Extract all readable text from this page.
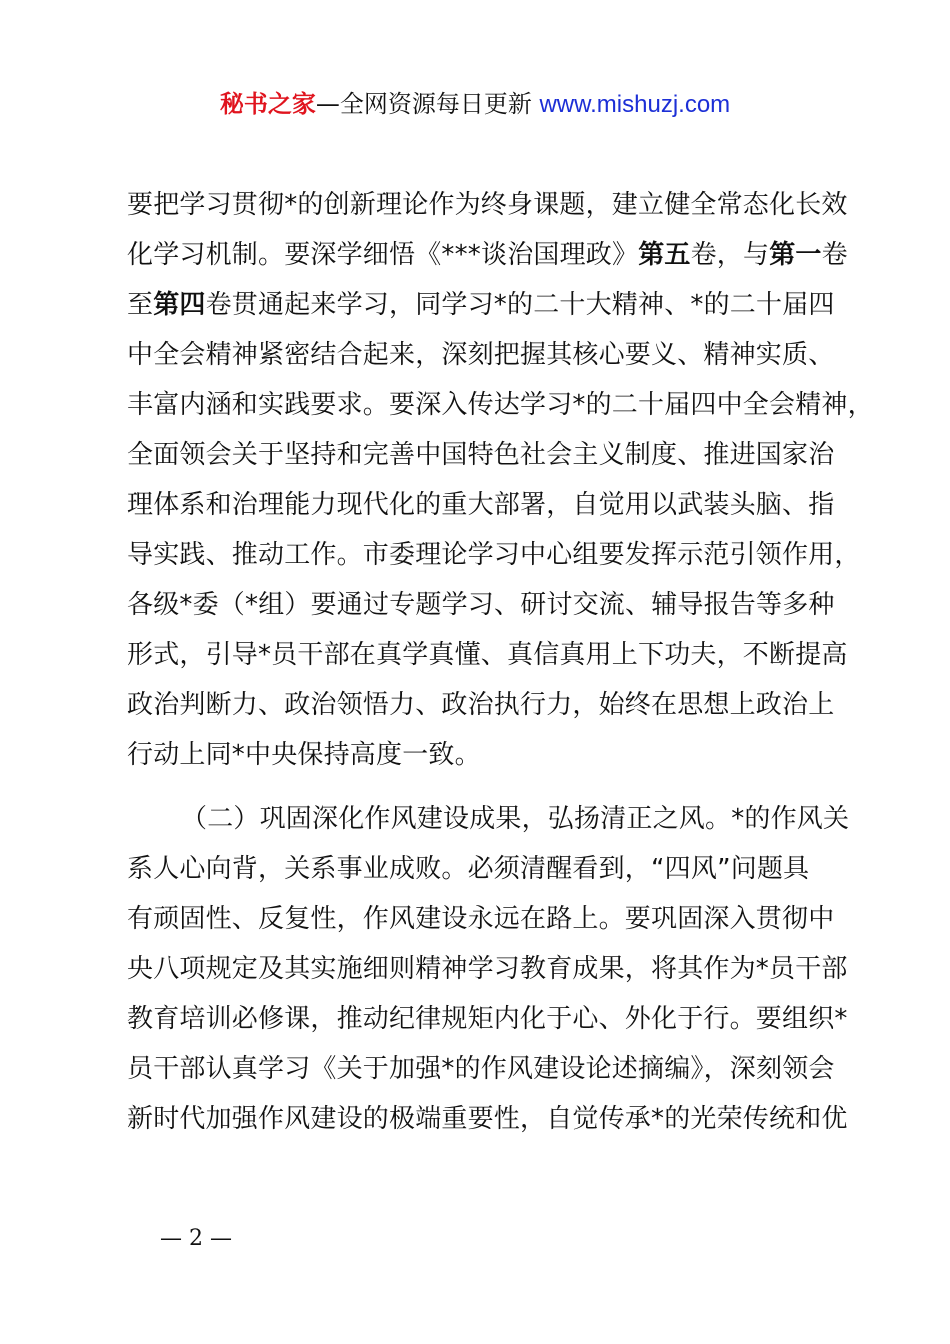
秘书之家—全网资源每日更新 www.mishuzj.com

要把学习贯彻*的创新理论作为终身课题，建立健全常态化长效
化学习机制。要深学细悟《***谈治国理政》第五卷，与第一卷
至第四卷贯通起来学习，同学习*的二十大精神、*的二十届四
中全会精神紧密结合起来，深刻把握其核心要义、精神实质、
丰富内涵和实践要求。要深入传达学习*的二十届四中全会精神，
全面领会关于坚持和完善中国特色社会主义制度、推进国家治
理体系和治理能力现代化的重大部署，自觉用以武装头脑、指
导实践、推动工作。市委理论学习中心组要发挥示范引领作用，
各级*委（*组）要通过专题学习、研讨交流、辅导报告等多种
形式，引导*员干部在真学真懂、真信真用上下功夫，不断提高
政治判断力、政治领悟力、政治执行力，始终在思想上政治上
行动上同*中央保持高度一致。

（二）巩固深化作风建设成果，弘扬清正之风。*的作风关
系人心向背，关系事业成败。必须清醒看到，“四风”问题具
有顽固性、反复性，作风建设永远在路上。要巩固深入贯彻中
央八项规定及其实施细则精神学习教育成果，将其作为*员干部
教育培训必修课，推动纪律规矩内化于心、外化于行。要组织*
员干部认真学习《关于加强*的作风建设论述摘编》，深刻领会
新时代加强作风建设的极端重要性，自觉传承*的光荣传统和优

— 2 —
